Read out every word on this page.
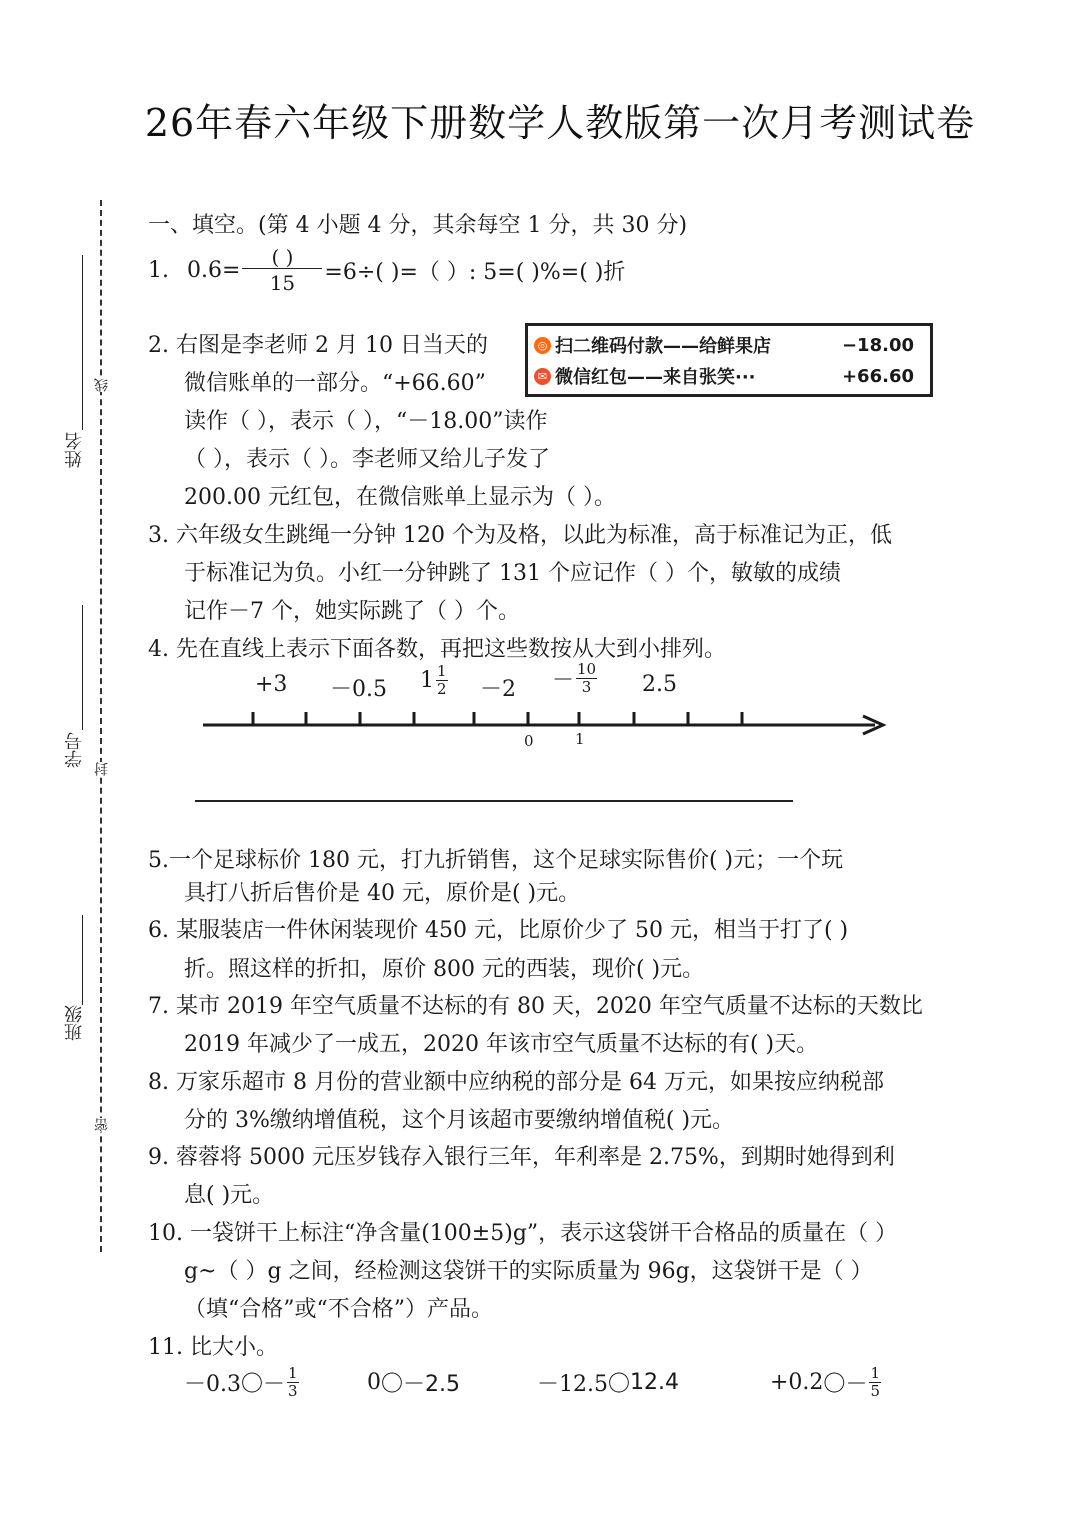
26年春六年级下册数学人教版第一次月考测试卷
姓名
线
学号
封
班级
密
一、填空。(第 4 小题 4 分，其余每空 1 分，共 30 分)
1. $0.6= \frac{( )}{15} =6\div$( )=（ ）: 5=( )%=( )折
2. 右图是李老师 2 月 10 日当天的
微信账单的一部分。“+66.60”
读作（ ），表示（ ），“－18.00”读作
（ ），表示（ ）。李老师又给儿子发了
200.00 元红包，在微信账单上显示为（ ）。
◎ 扫二维码付款——给鲜果店	−18.00
✉ 微信红包——来自张笑···	+66.60
3. 六年级女生跳绳一分钟 120 个为及格，以此为标准，高于标准记为正，低
于标准记为负。小红一分钟跳了 131 个应记作（ ）个，敏敏的成绩
记作－7 个，她实际跳了（ ）个。
4. 先在直线上表示下面各数，再把这些数按从大到小排列。
+3 －0.5 $1 \frac{1}{2} -2 - \frac{10}{3} 2.5$
0	1
5.一个足球标价 180 元，打九折销售，这个足球实际售价( )元；一个玩
具打八折后售价是 40 元，原价是( )元。
6. 某服装店一件休闲装现价 450 元，比原价少了 50 元，相当于打了( )
折。照这样的折扣，原价 800 元的西装，现价( )元。
7. 某市 2019 年空气质量不达标的有 80 天，2020 年空气质量不达标的天数比
2019 年减少了一成五，2020 年该市空气质量不达标的有( )天。
8. 万家乐超市 8 月份的营业额中应纳税的部分是 64 万元，如果按应纳税部
分的 3%缴纳增值税，这个月该超市要缴纳增值税( )元。
9. 蓉蓉将 5000 元压岁钱存入银行三年，年利率是 2.75%，到期时她得到利
息( )元。
10. 一袋饼干上标注“净含量(100±5)g”，表示这袋饼干合格品的质量在（ ）
g~（ ）g 之间，经检测这袋饼干的实际质量为 96g，这袋饼干是（ ）
（填“合格”或“不合格”）产品。
11. 比大小。
－0.3 〇 － $\frac{1}{3}$	0 〇 －2.5	－12.5 〇 12.4	+0.2 〇 － $\frac{1}{5}$
